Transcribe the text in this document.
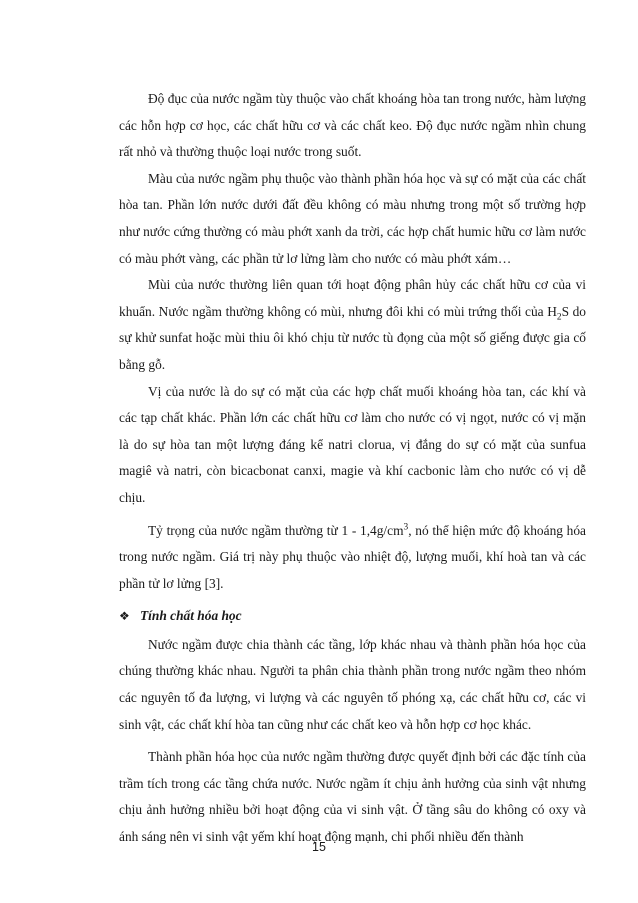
Độ đục của nước ngầm tùy thuộc vào chất khoáng hòa tan trong nước, hàm lượng các hỗn hợp cơ học, các chất hữu cơ và các chất keo. Độ đục nước ngầm nhìn chung rất nhỏ và thường thuộc loại nước trong suốt.

Màu của nước ngầm phụ thuộc vào thành phần hóa học và sự có mặt của các chất hòa tan. Phần lớn nước dưới đất đều không có màu nhưng trong một số trường hợp như nước cứng thường có màu phớt xanh da trời, các hợp chất humic hữu cơ làm nước có màu phớt vàng, các phần tử lơ lửng làm cho nước có màu phớt xám…

Mùi của nước thường liên quan tới hoạt động phân hủy các chất hữu cơ của vi khuẩn. Nước ngầm thường không có mùi, nhưng đôi khi có mùi trứng thối của $H_2S$ do sự khử sunfat hoặc mùi thiu ôi khó chịu từ nước tù đọng của một số giếng được gia cố bằng gỗ.

Vị của nước là do sự có mặt của các hợp chất muối khoáng hòa tan, các khí và các tạp chất khác. Phần lớn các chất hữu cơ làm cho nước có vị ngọt, nước có vị mặn là do sự hòa tan một lượng đáng kể natri clorua, vị đắng do sự có mặt của sunfua magiê và natri, còn bicacbonat canxi, magie và khí cacbonic làm cho nước có vị dễ chịu.

Tỷ trọng của nước ngầm thường từ $1 - 1,4g/cm^3$, nó thể hiện mức độ khoáng hóa trong nước ngầm. Giá trị này phụ thuộc vào nhiệt độ, lượng muối, khí hoà tan và các phần tử lơ lửng [3].

❖ Tính chất hóa học

Nước ngầm được chia thành các tầng, lớp khác nhau và thành phần hóa học của chúng thường khác nhau. Người ta phân chia thành phần trong nước ngầm theo nhóm các nguyên tố đa lượng, vi lượng và các nguyên tố phóng xạ, các chất hữu cơ, các vi sinh vật, các chất khí hòa tan cũng như các chất keo và hỗn hợp cơ học khác.

Thành phần hóa học của nước ngầm thường được quyết định bởi các đặc tính của trầm tích trong các tầng chứa nước. Nước ngầm ít chịu ảnh hưởng của sinh vật nhưng chịu ảnh hưởng nhiều bởi hoạt động của vi sinh vật. Ở tầng sâu do không có oxy và ánh sáng nên vi sinh vật yếm khí hoạt động mạnh, chi phối nhiều đến thành

15
